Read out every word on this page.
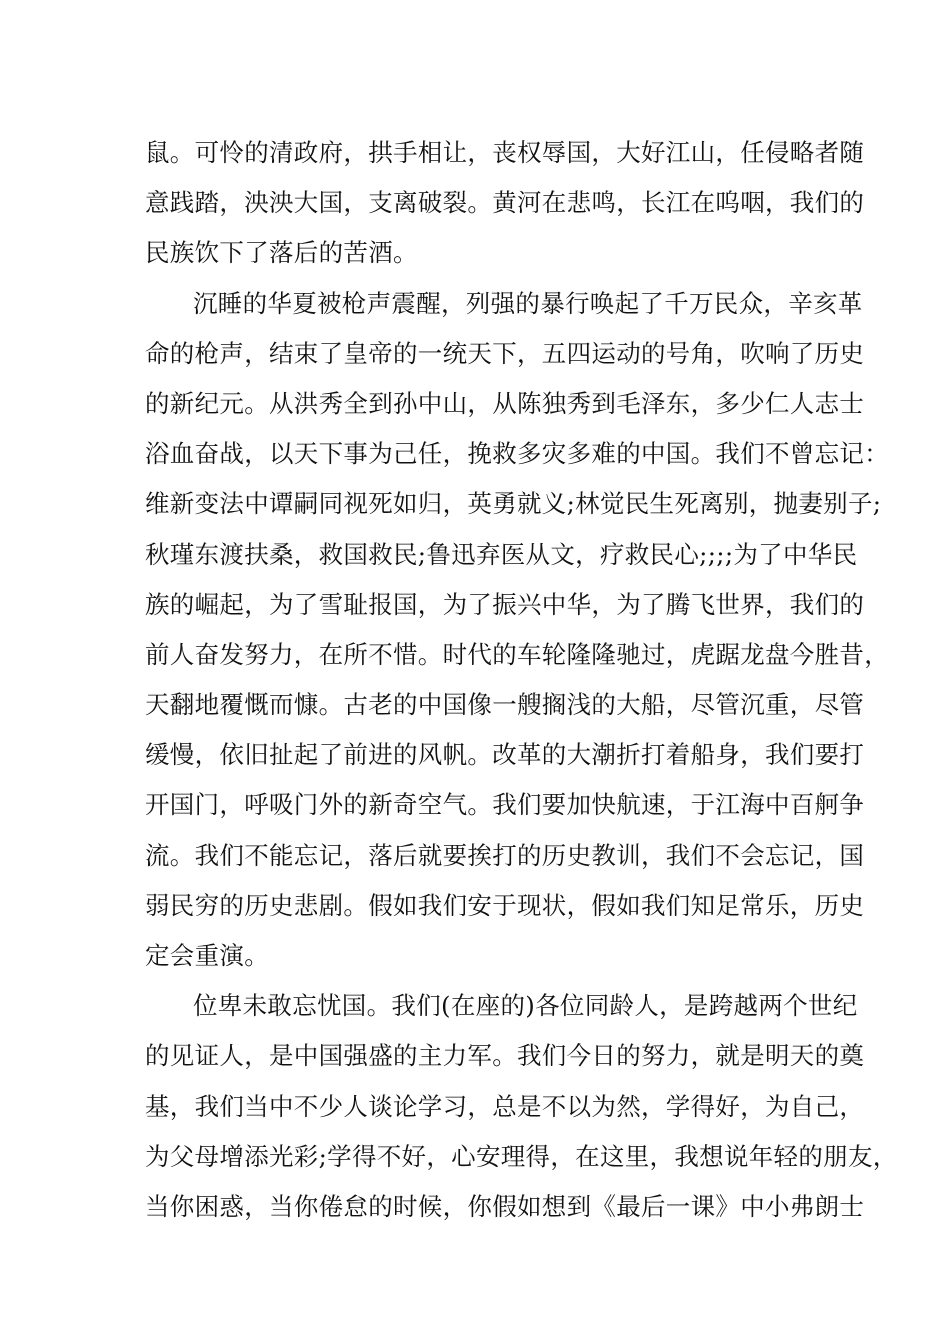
鼠。可怜的清政府，拱手相让，丧权辱国，大好江山，任侵略者随
意践踏，泱泱大国，支离破裂。黄河在悲鸣，长江在呜咽，我们的
民族饮下了落后的苦酒。
沉睡的华夏被枪声震醒，列强的暴行唤起了千万民众，辛亥革
命的枪声，结束了皇帝的一统天下，五四运动的号角，吹响了历史
的新纪元。从洪秀全到孙中山，从陈独秀到毛泽东，多少仁人志士
浴血奋战，以天下事为己任，挽救多灾多难的中国。我们不曾忘记：
维新变法中谭嗣同视死如归，英勇就义;林觉民生死离别，抛妻别子;
秋瑾东渡扶桑，救国救民;鲁迅弃医从文，疗救民心;;;;为了中华民
族的崛起，为了雪耻报国，为了振兴中华，为了腾飞世界，我们的
前人奋发努力，在所不惜。时代的车轮隆隆驰过，虎踞龙盘今胜昔，
天翻地覆慨而慷。古老的中国像一艘搁浅的大船，尽管沉重，尽管
缓慢，依旧扯起了前进的风帆。改革的大潮折打着船身，我们要打
开国门，呼吸门外的新奇空气。我们要加快航速，于江海中百舸争
流。我们不能忘记，落后就要挨打的历史教训，我们不会忘记，国
弱民穷的历史悲剧。假如我们安于现状，假如我们知足常乐，历史
定会重演。
位卑未敢忘忧国。我们(在座的)各位同龄人，是跨越两个世纪
的见证人，是中国强盛的主力军。我们今日的努力，就是明天的奠
基，我们当中不少人谈论学习，总是不以为然，学得好，为自己，
为父母增添光彩;学得不好，心安理得，在这里，我想说年轻的朋友，
当你困惑，当你倦怠的时候，你假如想到《最后一课》中小弗朗士
